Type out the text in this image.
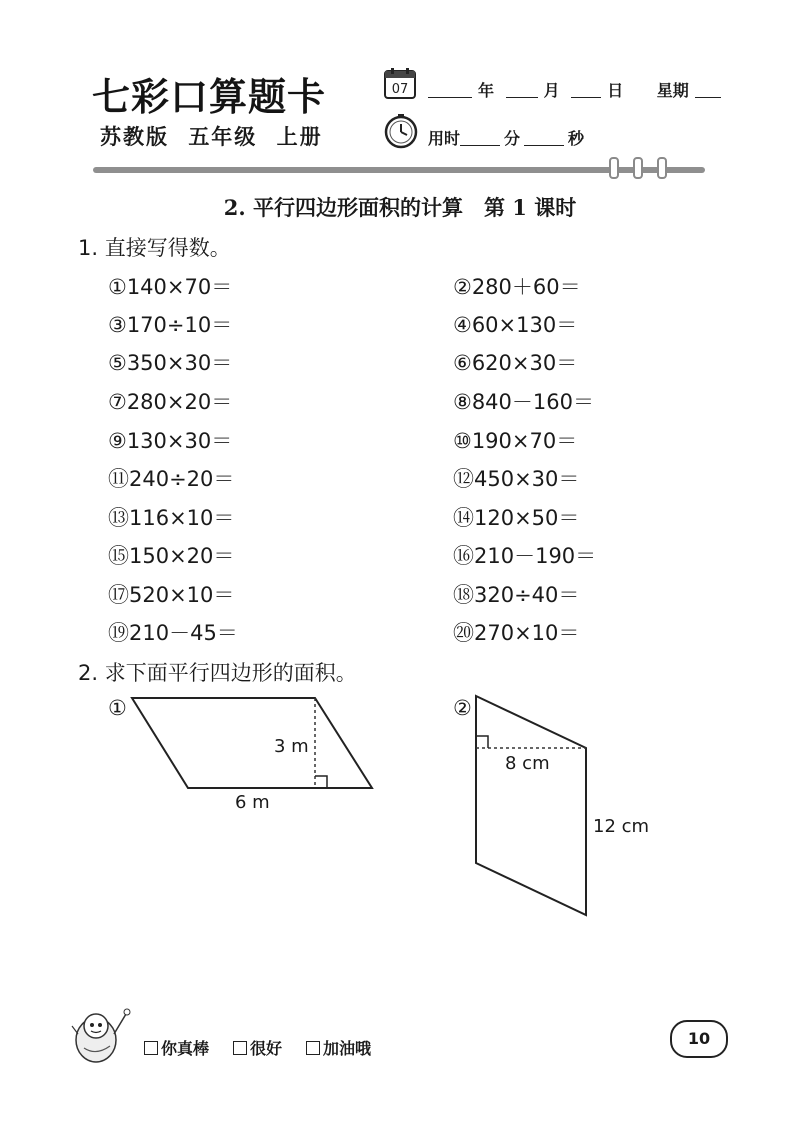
七彩口算题卡
苏教版 五年级 上册
07	年	月	日 星期
用时	分	秒
2. 平行四边形面积的计算　第 1 课时
1. 直接写得数。
①140×70＝	②280＋60＝
③170÷10＝	④60×130＝
⑤350×30＝	⑥620×30＝
⑦280×20＝	⑧840－160＝
⑨130×30＝	⑩190×70＝
⑪240÷20＝	⑫450×30＝
⑬116×10＝	⑭120×50＝
⑮150×20＝	⑯210－190＝
⑰520×10＝	⑱320÷40＝
⑲210－45＝	⑳270×10＝
2. 求下面平行四边形的面积。
①
3 m
6 m
②
8 cm
12 cm
你真棒	很好	加油哦
10
